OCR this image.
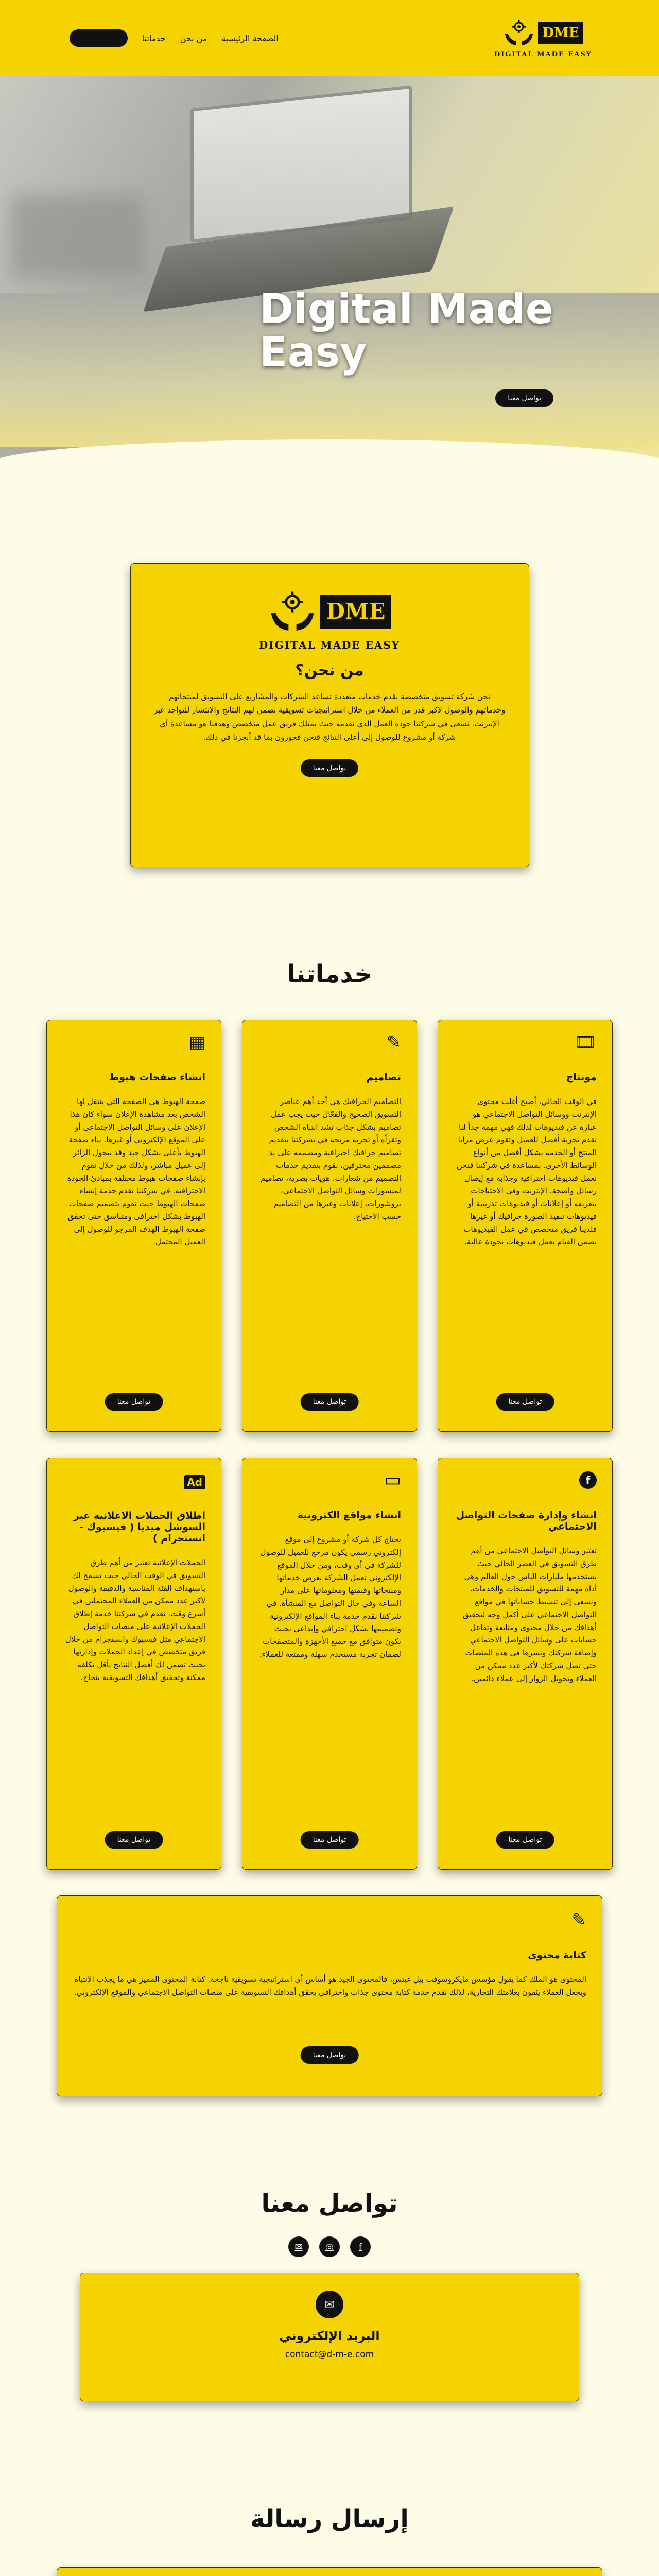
DME
DIGITAL MADE EASY
الصفحة الرئيسية
من نحن
خدماتنا
تواصل معنا
Digital Made
Easy
تواصل معنا
DME
DIGITAL MADE EASY
من نحن؟

نحن شركة تسويق متخصصة نقدم خدمات متعددة تساعد الشركات والمشاريع على التسويق لمنتجاتهم وخدماتهم والوصول لاكبر قدر من العملاء من خلال استراتيجيات تسويقية نضمن لهم النتائج والانتشار للتواجد عبر الإنترنت. نسعى في شركتنا جودة العمل الذي نقدمه حيث يمتلك فريق عمل متخصص وهدفنا هو مساعدة أي شركة أو مشروع للوصول إلى أعلى النتائج فنحن فخورون بما قد أنجزنا في ذلك.

تواصل معنا
خدماتنا
🎞
مونتاج

في الوقت الحالي، أصبح أغلب محتوى الإنترنت ووسائل التواصل الاجتماعي هو عبارة عن فيديوهات لذلك فهي مهمة جداً لنا نقدم تجربة أفضل للعميل وتقوم عرض مزايا المنتج أو الخدمة بشكل أفضل من أنواع الوسائط الأخرى. بمساعدة في شركتنا فنحن نعمل فيديوهات احترافية وجذابة مع إيصال رسائل واضحة. الإنترنت وفي الاحتياجات بتعريفه أو إعلانات أو فيديوهات تدريبية أو فيديوهات ننفيذ الصورة جرافيك أو غيرها فلدينا فريق متخصص في عمل الفيديوهات بضمن القيام بعمل فيديوهات بجودة عالية.

تواصل معنا
✎
تصاميم

التصاميم الجرافيك هي أحد أهم عناصر التسويق الصحيح والفعّال حيث يجب عمل تصاميم بشكل جذاب تشد انتباه الشخص وتقرأه أو تجربة مريحة في بشركتنا بتقديم تصاميم جرافيك احترافية ومصممه على يد مصممين محترفين، نقوم بتقديم خدمات التصميم من شعارات، هويات بصرية، تصاميم لمنشورات وسائل التواصل الاجتماعي، بروشورات، إعلانات وغيرها من التصاميم حسب الاحتياج.

تواصل معنا
▦
انشاء صفحات هبوط

صفحة الهبوط هي الصفحة التي ينتقل لها الشخص بعد مشاهدة الإعلان سواء كان هذا الإعلان على وسائل التواصل الاجتماعي أو على الموقع الإلكتروني أو غيرها. بناء صفحة الهبوط بأعلى بشكل جيد وقد يتحول الزائر إلى عميل مباشر، ولذلك من خلال نقوم بإنشاء صفحات هبوط مختلفة بمبادئ الجودة الاحترافية. في شركتنا نقدم خدمة إنشاء صفحات الهبوط حيث نقوم بتصميم صفحات الهبوط بشكل احترافي ومتناسق حتى تحقق صفحة الهبوط الهدف المرجو للوصول إلى العميل المحتمل.

تواصل معنا
f
انشاء وإدارة صفحات التواصل الاجتماعي

تعتبر وسائل التواصل الاجتماعي من أهم طرق التسويق في العصر الحالي حيث يستخدمها مليارات الناس حول العالم وهي أداة مهمة للتسويق للمنتجات والخدمات. ونسعى إلى تنشيط حساباتها في مواقع التواصل الاجتماعي على أكمل وجه لتحقيق أهدافك من خلال محتوى ومتابعة وتفاعل حسابات على وسائل التواصل الاجتماعي وإضافة شركتك ونشرها في هذه المنصات حتى تصل شركتك لأكبر عدد ممكن من العملاء وتحويل الزوار إلى عملاء دائمين.

تواصل معنا
▭
انشاء مواقع الكترونية

يحتاج كل شركة أو مشروع إلى موقع إلكتروني رسمي يكون مرجع للعميل للوصول للشركة في أي وقت، ومن خلال الموقع الإلكتروني تعمل الشركة بعرض خدماتها ومنتجاتها وقيمتها ومعلوماتها على مدار الساعة وفي حال التواصل مع المنشأة. في شركتنا نقدم خدمة بناء المواقع الإلكترونية وتصميمها بشكل احترافي وإبداعي بحيث يكون متوافق مع جميع الأجهزة والمتصفحات لضمان تجربة مستخدم سهلة وممتعة للعملاء.

تواصل معنا
Ad
اطلاق الحملات الاعلانية عبر السوشل ميديا ( فيسبوك - انستجرام )

الحملات الإعلانية تعتبر من أهم طرق التسويق في الوقت الحالي حيث تسمح لك باستهداف الفئة المناسبة والدقيقة والوصول لأكبر عدد ممكن من العملاء المحتملين في أسرع وقت. نقدم في شركتنا خدمة إطلاق الحملات الإعلانية على منصات التواصل الاجتماعي مثل فيسبوك وانستجرام من خلال فريق متخصص في إعداد الحملات وإدارتها بحيث تضمن لك أفضل النتائج بأقل تكلفة ممكنة وتحقيق أهدافك التسويقية بنجاح.

تواصل معنا
✎
كتابة محتوى

المحتوى هو الملك كما يقول مؤسس مايكروسوفت بيل غيتس، فالمحتوى الجيد هو أساس أي استراتيجية تسويقية ناجحة. كتابة المحتوى المميز هي ما يجذب الانتباه ويجعل العملاء يثقون بعلامتك التجارية، لذلك نقدم خدمة كتابة محتوى جذاب واحترافي يحقق أهدافك التسويقية على منصات التواصل الاجتماعي والموقع الإلكتروني.

تواصل معنا
تواصل معنا
f
◎
✉
✉
البريد الإلكتروني
contact@d-m-e.com
إرسال رسالة
